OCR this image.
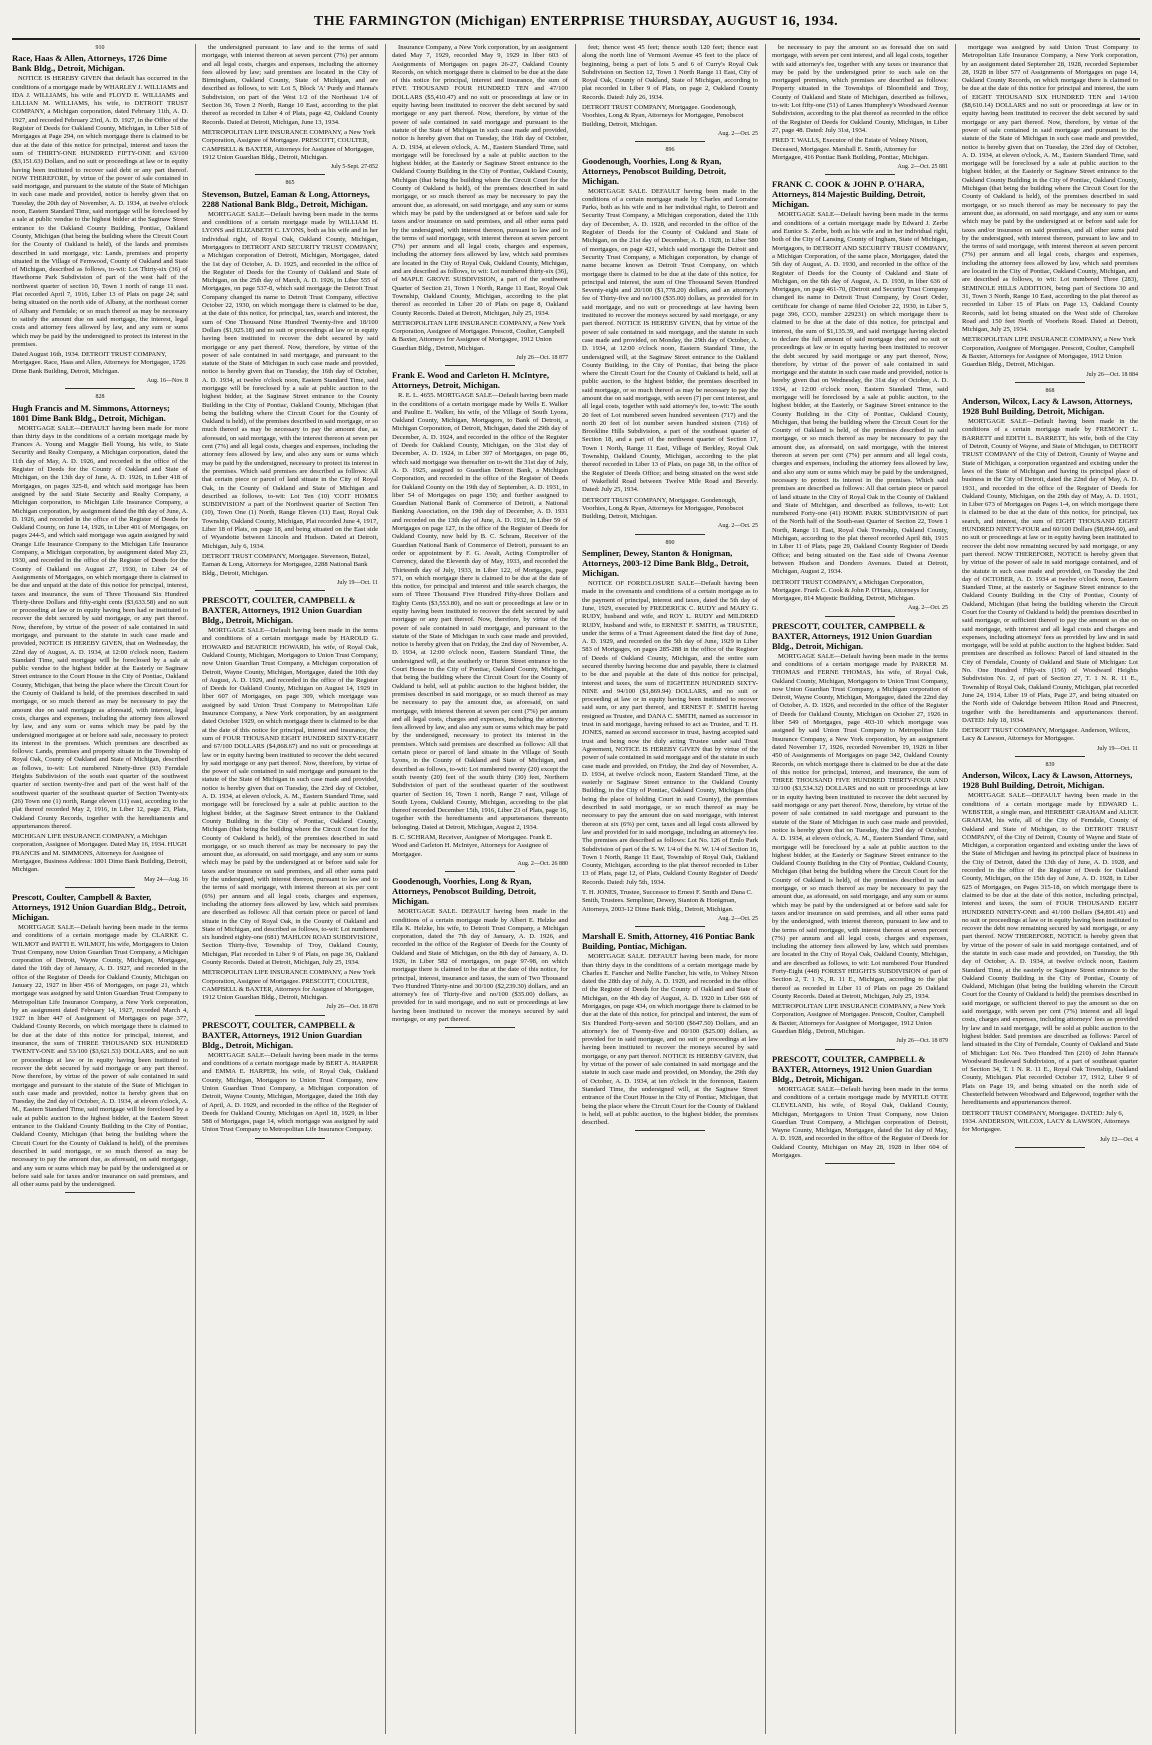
THE FARMINGTON (Michigan) ENTERPRISE THURSDAY, AUGUST 16, 1934.
910
Race, Haas & Allen, Attorneys, 1726 Dime Bank Bldg., Detroit, Michigan.
NOTICE IS HEREBY GIVEN that default has occurred in the conditions of a mortgage made by WHARLEY J. WILLIAMS and IDA J. WILLIAMS, his wife and FLOYD E. WILLIAMS and LILLIAN M. WILLIAMS, his wife, to DETROIT TRUST COMPANY, a Michigan corporation, dated February 11th, A. D. 1927, and recorded February 23rd, A. D. 1927, in the Office of the Register of Deeds for Oakland County, Michigan, in Liber 518 of Mortgages at Page 294, on which mortgage there is claimed to be due at the date of this notice for principal, interest and taxes the sum of THIRTY-ONE HUNDRED FIFTY-ONE and 63/100 ($3,151.63) Dollars, and no suit or proceedings at law or in equity having been instituted to recover said debt or any part thereof. NOW THEREFORE, by virtue of the power of sale contained in said mortgage, and pursuant to the statute of the State of Michigan in such case made and provided, notice is hereby given that on Tuesday, the 20th day of November, A. D. 1934, at twelve o'clock noon, Eastern Standard Time, said mortgage will be foreclosed by a sale at public vendue to the highest bidder at the Saginaw Street entrance to the Oakland County Building, Pontiac, Oakland County, Michigan (that being the building where the Circuit Court for the County of Oakland is held), of the lands and premises described in said mortgage, viz: Lands, premises and property situated in the Village of Fernwood, County of Oakland and State of Michigan, described as follows, to-wit: Lot Thirty-six (36) of Hawthorne Park Subdivision of part of the west half of the northwest quarter of section 10, Town 1 north of range 11 east. Plat recorded April 7, 1916, Liber 13 of Plats on page 24; said being situated on the north side of Albany, at the northeast corner of Albany and Ferndale; or so much thereof as may be necessary to satisfy the amount due on said mortgage, the interest, legal costs and attorney fees allowed by law, and any sum or sums which may be paid by the undersigned to protect its interest in the premises.
Dated August 16th, 1934. DETROIT TRUST COMPANY, Mortgagee. Race, Haas and Allen, Attorneys for Mortgagee, 1726 Dime Bank Building, Detroit, Michigan.
Aug. 16—Nov. 8
828
Hugh Francis and M. Simmons, Attorneys; 1801 Dime Bank Bldg., Detroit, Michigan.
MORTGAGE SALE—DEFAULT having been made for more than thirty days in the conditions of a certain mortgage made by Frances A. Young and Maggie Bell Young, his wife, to State Security and Realty Company, a Michigan corporation, dated the 11th day of May, A. D. 1926, and recorded in the office of the Register of Deeds for the County of Oakland and State of Michigan, on the 13th day of June, A. D. 1926, in Liber 418 of Mortgages, on pages 325-8, and which said mortgage has been assigned by the said State Security and Realty Company, a Michigan corporation, to Michigan Life Insurance Company, a Michigan corporation, by assignment dated the 8th day of June, A. D. 1926, and recorded in the office of the Register of Deeds for Oakland County, on June 14, 1926, in Liber 401 of Mortgages, on pages 244-5, and which said mortgage was again assigned by said Orange Life Insurance Company to the Michigan Life Insurance Company, a Michigan corporation, by assignment dated May 23, 1930, and recorded in the office of the Register of Deeds for the County of Oakland on August 27, 1930, in Liber 24 of Assignments of Mortgages, on which mortgage there is claimed to be due and unpaid at the date of this notice for principal, interest, taxes and insurance, the sum of Three Thousand Six Hundred Thirty-three Dollars and fifty-eight cents ($3,633.58) and no suit or proceeding at law or in equity having been had or instituted to recover the debt secured by said mortgage, or any part thereof. Now, therefore, by virtue of the power of sale contained in said mortgage, and pursuant to the statute in such case made and provided, NOTICE IS HEREBY GIVEN, that on Wednesday, the 22nd day of August, A. D. 1934, at 12:00 o'clock noon, Eastern Standard Time, said mortgage will be foreclosed by a sale at public vendue to the highest bidder at the Easterly or Saginaw Street entrance to the Court House in the City of Pontiac, Oakland County, Michigan, that being the place where the Circuit Court for the County of Oakland is held, of the premises described in said mortgage, or so much thereof as may be necessary to pay the amount due on said mortgage as aforesaid, with interest, legal costs, charges and expenses, including the attorney fees allowed by law, and any sum or sums which may be paid by the undersigned mortgagee at or before said sale, necessary to protect its interest in the premises. Which premises are described as follows: Lands, premises and property situate in the Township of Royal Oak, County of Oakland and State of Michigan, described as follows, to-wit: Lot numbered Ninety-three (93) Ferndale Heights Subdivision of the south east quarter of the southwest quarter of section twenty-five and part of the west half of the southwest quarter of the southeast quarter of Section Twenty-six (26) Town one (1) north, Range eleven (11) east, according to the plat thereof recorded May 2, 1916, in Liber 12, page 23, Plats, Oakland County Records, together with the hereditaments and appurtenances thereof.
MICHIGAN LIFE INSURANCE COMPANY, a Michigan corporation, Assignee of Mortgagee. Dated May 16, 1934. HUGH FRANCIS and M. SIMMONS, Attorneys for Assignee of Mortgagee, Business Address: 1801 Dime Bank Building, Detroit, Michigan.
May 24—Aug. 16
Prescott, Coulter, Campbell & Baxter, Attorneys, 1912 Union Guardian Bldg., Detroit, Michigan.
MORTGAGE SALE—Default having been made in the terms and conditions of a certain mortgage made by CLARKE C. WILMOT and PATTI E. WILMOT, his wife, Mortgagors to Union Trust Company, now Union Guardian Trust Company, a Michigan corporation of Detroit, Wayne County, Michigan, Mortgagee, dated the 16th day of January, A. D. 1927, and recorded in the office of the Register of Deeds for Oakland County, Michigan on January 22, 1927 in liber 456 of Mortgages, on page 21, which mortgage was assigned by said Union Guardian Trust Company to Metropolitan Life Insurance Company, a New York corporation, by an assignment dated February 14, 1927, recorded March 4, 1927 in liber 447 of Assignment of Mortgages on page 377, Oakland County Records, on which mortgage there is claimed to be due at the date of this notice for principal, interest, and insurance, the sum of THREE THOUSAND SIX HUNDRED TWENTY-ONE and 53/100 ($3,621.53) DOLLARS, and no suit or proceedings at law or in equity having been instituted to recover the debt secured by said mortgage or any part thereof. Now therefore, by virtue of the power of sale contained in said mortgage and pursuant to the statute of the State of Michigan in such case made and provided, notice is hereby given that on Tuesday, the 2nd day of October, A. D. 1934, at eleven o'clock, A. M., Eastern Standard Time, said mortgage will be foreclosed by a sale at public auction to the highest bidder, at the Eastern Street entrance to the Oakland County Building in the City of Pontiac, Oakland County, Michigan (that being the building where the Circuit Court for the County of Oakland is held), of the premises described in said mortgage, or so much thereof as may be necessary to pay the amount due, as aforesaid, on said mortgage, and any sum or sums which may be paid by the undersigned at or before said sale for taxes and/or insurance on said premises, and all other sums paid by the undersigned.
the undersigned pursuant to law and to the terms of said mortgage, with interest thereon at seven percent (7%) per annum and all legal costs, charges and expenses, including the attorney fees allowed by law; said premises are located in the City of Birmingham, Oakland County, State of Michigan, and are described as follows, to wit: Lot 5, Block 'A' Purdy and Hanna's Subdivision, on part of the West 1/2 of the Northeast 1/4 of Section 36, Town 2 North, Range 10 East, according to the plat thereof as recorded in Liber 4 of Plats, page 42, Oakland County Records. Dated at Detroit, Michigan, June 13, 1934.
METROPOLITAN LIFE INSURANCE COMPANY, a New York Corporation, Assignee of Mortgagee. PRESCOTT, COULTER, CAMPBELL & BAXTER, Attorneys for Assignee of Mortgagee, 1912 Union Guardian Bldg., Detroit, Michigan.
July 5-Sept. 27-852
865
Stevenson, Butzel, Eaman & Long, Attorneys, 2288 National Bank Bldg., Detroit, Michigan.
MORTGAGE SALE—Default having been made in the terms and conditions of a certain mortgage made by WILLIAM H. LYONS and ELIZABETH C. LYONS, both as his wife and in her individual right, of Royal Oak, Oakland County, Michigan, Mortgagors to DETROIT AND SECURITY TRUST COMPANY, a Michigan corporation of Detroit, Michigan, Mortgagee, dated the 1st day of October, A. D. 1925, and recorded in the office of the Register of Deeds for the County of Oakland and State of Michigan, on the 25th day of March, A. D. 1926, in Liber 555 of Mortgages, on page 537-8, which said mortgage the Detroit Trust Company changed its name to Detroit Trust Company, effective October 22, 1930, on which mortgage there is claimed to be due, at the date of this notice, for principal, tax, search and interest, the sum of One Thousand Nine Hundred Twenty-five and 18/100 Dollars ($1,925.18) and no suit or proceedings at law or in equity having been instituted to recover the debt secured by said mortgage or any part thereof. Now, therefore, by virtue of the power of sale contained in said mortgage, and pursuant to the statute of the State of Michigan in such case made and provided, notice is hereby given that on Tuesday, the 16th day of October, A. D. 1934, at twelve o'clock noon, Eastern Standard Time, said mortgage will be foreclosed by a sale at public auction to the highest bidder, at the Saginaw Street entrance to the County Building in the City of Pontiac, Oakland County, Michigan (that being the building where the Circuit Court for the County of Oakland is held), of the premises described in said mortgage, or so much thereof as may be necessary to pay the amount due, as aforesaid, on said mortgage, with the interest thereon at seven per cent (7%) and all legal costs, charges and expenses, including the attorney fees allowed by law, and also any sum or sums which may be paid by the undersigned, necessary to protect its interest in the premises. Which said premises are described as follows: All that certain piece or parcel of land situate in the City of Royal Oak, in the County of Oakland and State of Michigan and described as follows, to-wit: Lot Ten (10) 'COIT HOMES SUBDIVISION' a part of the Northwest quarter of Section Ten (10), Town One (1) North, Range Eleven (11) East, Royal Oak Township, Oakland County, Michigan, Plat recorded June 4, 1917, Liber 18 of Plats, on page 18, and being situated on the East side of Wyandotte between Lincoln and Hudson. Dated at Detroit, Michigan, July 6, 1934.
DETROIT TRUST COMPANY, Mortgagee. Stevenson, Butzel, Eaman & Long, Attorneys for Mortgagee, 2288 National Bank Bldg., Detroit, Michigan.
July 19—Oct. 11
PRESCOTT, COULTER, CAMPBELL & BAXTER, Attorneys, 1912 Union Guardian Bldg., Detroit, Michigan.
MORTGAGE SALE—Default having been made in the terms and conditions of a certain mortgage made by HAROLD G. HOWARD and BEATRICE HOWARD, his wife, of Royal Oak, Oakland County, Michigan, Mortgagors to Union Trust Company, now Union Guardian Trust Company, a Michigan corporation of Detroit, Wayne County, Michigan, Mortgagee, dated the 10th day of August, A. D. 1929, and recorded in the office of the Register of Deeds for Oakland County, Michigan on August 14, 1929 in liber 607 of Mortgages, on page 309, which mortgage was assigned by said Union Trust Company to Metropolitan Life Insurance Company, a New York corporation, by an assignment dated October 1929, on which mortgage there is claimed to be due at the date of this notice for principal, interest and insurance, the sum of FOUR THOUSAND EIGHT HUNDRED SIXTY-EIGHT and 67/100 DOLLARS ($4,868.67) and no suit or proceedings at law or in equity having been instituted to recover the debt secured by said mortgage or any part thereof. Now, therefore, by virtue of the power of sale contained in said mortgage and pursuant to the statute of the State of Michigan in such case made and provided, notice is hereby given that on Tuesday, the 23rd day of October, A. D. 1934, at eleven o'clock, A. M., Eastern Standard Time, said mortgage will be foreclosed by a sale at public auction to the highest bidder, at the Saginaw Street entrance to the Oakland County Building in the City of Pontiac, Oakland County, Michigan (that being the building where the Circuit Court for the County of Oakland is held), of the premises described in said mortgage, or so much thereof as may be necessary to pay the amount due, as aforesaid, on said mortgage, and any sum or sums which may be paid by the undersigned at or before said sale for taxes and/or insurance on said premises, and all other sums paid by the undersigned, with interest thereon, pursuant to law and to the terms of said mortgage, with interest thereon at six per cent (6%) per annum and all legal costs, charges and expenses, including the attorney fees allowed by law, which said premises are described as follows: All that certain piece or parcel of land situate in the City of Royal Oak, in the County of Oakland and State of Michigan, and described as follows, to-wit: Lot numbered six hundred eighty-one (681) 'MAHLON ROAD SUBDIVISION', Section Thirty-five, Township of Troy, Oakland County, Michigan, Plat recorded in Liber 9 of Plats, on page 36, Oakland County Records. Dated at Detroit, Michigan, July 25, 1934.
METROPOLITAN LIFE INSURANCE COMPANY, a New York Corporation, Assignee of Mortgagee. PRESCOTT, COULTER, CAMPBELL & BAXTER, Attorneys for Assignee of Mortgagee, 1912 Union Guardian Bldg., Detroit, Michigan.
July 26—Oct. 18 878
PRESCOTT, COULTER, CAMPBELL & BAXTER, Attorneys, 1912 Union Guardian Bldg., Detroit, Michigan.
MORTGAGE SALE—Default having been made in the terms and conditions of a certain mortgage made by BERT A. HARPER and EMMA E. HARPER, his wife, of Royal Oak, Oakland County, Michigan, Mortgagors to Union Trust Company, now Union Guardian Trust Company, a Michigan corporation of Detroit, Wayne County, Michigan, Mortgagee, dated the 16th day of April, A. D. 1929, and recorded in the office of the Register of Deeds for Oakland County, Michigan on April 18, 1929, in liber 588 of Mortgages, page 14, which mortgage was assigned by said Union Trust Company to Metropolitan Life Insurance Company.
Insurance Company, a New York corporation, by an assignment dated May 7, 1929, recorded May 9, 1929 in liber 603 of Assignments of Mortgages on pages 26-27, Oakland County Records, on which mortgage there is claimed to be due at the date of this notice for principal, interest and insurance, the sum of FIVE THOUSAND FOUR HUNDRED TEN and 47/100 DOLLARS ($5,410.47) and no suit or proceedings at law or in equity having been instituted to recover the debt secured by said mortgage or any part thereof. Now, therefore, by virtue of the power of sale contained in said mortgage and pursuant to the statute of the State of Michigan in such case made and provided, notice is hereby given that on Tuesday, the 16th day of October, A. D. 1934, at eleven o'clock, A. M., Eastern Standard Time, said mortgage will be foreclosed by a sale at public auction to the highest bidder, at the Easterly or Saginaw Street entrance to the Oakland County Building in the City of Pontiac, Oakland County, Michigan (that being the building where the Circuit Court for the County of Oakland is held), of the premises described in said mortgage, or so much thereof as may be necessary to pay the amount due, as aforesaid, on said mortgage, and any sum or sums which may be paid by the undersigned at or before said sale for taxes and/or insurance on said premises, and all other sums paid by the undersigned, with interest thereon, pursuant to law and to the terms of said mortgage, with interest thereon at seven percent (7%) per annum and all legal costs, charges and expenses, including the attorney fees allowed by law, which said premises are located in the City of Royal Oak, Oakland County, Michigan, and are described as follows, to wit: Lot numbered thirty-six (36), of MAPLE GROVE SUBDIVISION, a part of the southwest Quarter of Section 21, Town 1 North, Range 11 East, Royal Oak Township, Oakland County, Michigan, according to the plat thereof as recorded in Liber 20 of Plats on page 8, Oakland County Records. Dated at Detroit, Michigan, July 25, 1934.
METROPOLITAN LIFE INSURANCE COMPANY, a New York Corporation, Assignee of Mortgagee. Prescott, Coulter, Campbell & Baxter, Attorneys for Assignee of Mortgagee, 1912 Union Guardian Bldg., Detroit, Michigan.
July 26—Oct. 18 877
Frank E. Wood and Carleton H. McIntyre, Attorneys, Detroit, Michigan.
R. E. L. 4655. MORTGAGE SALE—Default having been made in the conditions of a certain mortgage made by Wells E. Walker and Pauline E. Walker, his wife, of the Village of South Lyons, Oakland County, Michigan, Mortgagors, to Bank of Detroit, a Michigan Corporation, of Detroit, Michigan, dated the 29th day of December, A. D. 1924, and recorded in the office of the Register of Deeds for Oakland County, Michigan, on the 31st day of December, A. D. 1924, in Liber 397 of Mortgages, on page 86, which said mortgage was thereafter on to-wit the 31st day of July, A. D. 1925, assigned to Guardian Detroit Bank, a Michigan Corporation, and recorded in the office of the Register of Deeds for Oakland County on the 19th day of September, A. D. 1931, in liber 54 of Mortgages on page 150; and further assigned to Guardian National Bank of Commerce of Detroit, a National Banking Association, on the 19th day of December, A. D. 1931 and recorded on the 13th day of June, A. D. 1932, in Liber 59 of Mortgages on page 127, in the office of the Register of Deeds for Oakland County, now held by B. C. Schram, Receiver of the Guardian National Bank of Commerce of Detroit, pursuant to an order or appointment by F. G. Awalt, Acting Comptroller of Currency, dated the Eleventh day of May, 1933, and recorded the Thirteenth day of July, 1933, in Liber 122, of Mortgages, page 571, on which mortgage there is claimed to be due at the date of this notice, for principal and interest and title search charges, the sum of Three Thousand Five Hundred Fifty-three Dollars and Eighty Cents ($3,553.80), and no suit or proceedings at law or in equity having been instituted to recover the debt secured by said mortgage or any part thereof. Now, therefore, by virtue of the power of sale contained in said mortgage, and pursuant to the statute of the State of Michigan in such case made and provided, notice is hereby given that on Friday, the 2nd day of November, A. D. 1934, at 12:00 o'clock noon, Eastern Standard Time, the undersigned will, at the southerly or Huron Street entrance to the Court House in the City of Pontiac, Oakland County, Michigan, that being the building where the Circuit Court for the County of Oakland is held, sell at public auction to the highest bidder, the premises described in said mortgage, or so much thereof as may be necessary to pay the amount due, as aforesaid, on said mortgage, with interest thereon at seven per cent (7%) per annum and all legal costs, charges and expenses, including the attorney fees allowed by law, and also any sum or sums which may be paid by the undersigned, necessary to protect its interest in the premises. Which said premises are described as follows: All that certain piece or parcel of land situate in the Village of South Lyons, in the County of Oakland and State of Michigan, and described as follows, to-wit: Lot numbered twenty (20) except the south twenty (20) feet of the south thirty (30) feet, Northern Subdivision of part of the southeast quarter of the southwest quarter of Section 16, Town 1 north, Range 7 east, Village of South Lyons, Oakland County, Michigan, according to the plat thereof recorded December 15th, 1916, Liber 23 of Plats, page 16, together with the hereditaments and appurtenances thereunto belonging. Dated at Detroit, Michigan, August 2, 1934.
B. C. SCHRAM, Receiver, Assignee of Mortgagee. Frank E. Wood and Carleton H. McIntyre, Attorneys for Assignee of Mortgagee.
Aug. 2—Oct. 26 880
Goodenough, Voorhies, Long & Ryan, Attorneys, Penobscot Building, Detroit, Michigan.
MORTGAGE SALE. DEFAULT having been made in the conditions of a certain mortgage made by Albert E. Helzke and Ella K. Helzke, his wife, to Detroit Trust Company, a Michigan corporation, dated the 7th day of January, A. D. 1926, and recorded in the office of the Register of Deeds for the County of Oakland and State of Michigan, on the 8th day of January, A. D. 1926, in Liber 582 of mortgages, on page 97-98, on which mortgage there is claimed to be due at the date of this notice, for principal, interest, insurance and taxes, the sum of Two Thousand Two Hundred Thirty-nine and 30/100 ($2,239.30) dollars, and an attorney's fee of Thirty-five and no/100 ($35.00) dollars, as provided for in said mortgage, and no suit or proceedings at law having been instituted to recover the moneys secured by said mortgage, or any part thereof.
feet; thence west 45 feet; thence south 120 feet; thence east along the north line of Vermont Avenue 45 feet to the place of beginning, being a part of lots 5 and 6 of Curry's Royal Oak Subdivision on Section 12, Town 1 North Range 11 East, City of Royal Oak, County of Oakland, State of Michigan, according to plat recorded in Liber 9 of Plats, on page 2, Oakland County Records. Dated: July 26, 1934.
DETROIT TRUST COMPANY, Mortgagee. Goodenough, Voorhies, Long & Ryan, Attorneys for Mortgagee, Penobscot Building, Detroit, Michigan.
Aug. 2—Oct. 25
896
Goodenough, Voorhies, Long & Ryan, Attorneys, Penobscot Building, Detroit, Michigan.
MORTGAGE SALE. DEFAULT having been made in the conditions of a certain mortgage made by Charles and Lorraine Parks, both as his wife and in her individual right, to Detroit and Security Trust Company, a Michigan corporation, dated the 11th day of December, A. D. 1928, and recorded in the office of the Register of Deeds for the County of Oakland and State of Michigan, on the 21st day of December, A. D. 1928, in Liber 580 of mortgages, on page 421, which said mortgage the Detroit and Security Trust Company, a Michigan corporation, by change of name became known as Detroit Trust Company, on which mortgage there is claimed to be due at the date of this notice, for principal and interest, the sum of One Thousand Seven Hundred Seventy-eight and 20/100 ($1,778.20) dollars, and an attorney's fee of Thirty-five and no/100 ($35.00) dollars, as provided for in said mortgage, and no suit or proceedings at law having been instituted to recover the moneys secured by said mortgage, or any part thereof. NOTICE IS HEREBY GIVEN, that by virtue of the power of sale contained in said mortgage, and the statute in such case made and provided, on Monday, the 29th day of October, A. D. 1934, at 12:00 o'clock noon, Eastern Standard Time, the undersigned will, at the Saginaw Street entrance to the Oakland County Building, in the City of Pontiac, that being the place where the Circuit Court for the County of Oakland is held, sell at public auction, to the highest bidder, the premises described in said mortgage, or so much thereof as may be necessary to pay the amount due on said mortgage, with seven (7) per cent interest, and all legal costs, together with said attorney's fee, to-wit: The south 20 feet of Lot numbered seven hundred seventeen (717) and the north 20 feet of lot number seven hundred sixteen (716) of Brookline Hills Subdivision, a part of the southeast quarter of Section 18, and a part of the northwest quarter of Section 17, Town 1 North, Range 11 East, Village of Berkley, Royal Oak Township, Oakland County, Michigan, according to the plat thereof recorded in Liber 13 of Plats, on page 38, in the office of the Register of Deeds Office; and being situated on the west side of Wakefield Road between Twelve Mile Road and Beverly. Dated: July 25, 1934.
DETROIT TRUST COMPANY, Mortgagee. Goodenough, Voorhies, Long & Ryan, Attorneys for Mortgagee, Penobscot Building, Detroit, Michigan.
Aug. 2—Oct. 25
890
Sempliner, Dewey, Stanton & Honigman, Attorneys, 2003-12 Dime Bank Bldg., Detroit, Michigan.
NOTICE OF FORECLOSURE SALE—Default having been made in the covenants and conditions of a certain mortgage as to the payment of principal, interest and taxes, dated the 5th day of June, 1929, executed by FREDERICK C. RUDY and MARY G. RUDY, husband and wife, and ROY L. RUDY and MILDRED RUDY, husband and wife, to ERNEST F. SMITH, as TRUSTEE, under the terms of a Trust Agreement dated the first day of June, A. D. 1929, and recorded on the 5th day of June, 1929 in Liber 583 of Mortgages, on pages 285-288 in the office of the Register of Deeds of Oakland County, Michigan, and the entire sum secured thereby having become due and payable, there is claimed to be due and payable at the date of this notice for principal, interest and taxes, the sum of EIGHTEEN HUNDRED SIXTY-NINE and 94/100 ($1,869.94) DOLLARS, and no suit or proceeding at law or in equity having been instituted to recover said sum, or any part thereof, and ERNEST F. SMITH having resigned as Trustee, and DANA C. SMITH, named as successor in trust in said mortgage, having refused to act as Trustee, and T. H. JONES, named as second successor in trust, having accepted said trust and being now the duly acting Trustee under said Trust Agreement, NOTICE IS HEREBY GIVEN that by virtue of the power of sale contained in said mortgage and of the statute in such case made and provided, on Friday, the 2nd day of November, A. D. 1934, at twelve o'clock noon, Eastern Standard Time, at the easterly or Saginaw Street entrance to the Oakland County Building, in the City of Pontiac, Oakland County, Michigan (that being the place of holding Court in said County), the premises described in said mortgage, or so much thereof as may be necessary to pay the amount due on said mortgage, with interest thereon at six (6%) per cent, taxes and all legal costs allowed by law and provided for in said mortgage, including an attorney's fee. The premises are described as follows: Lot No. 126 of Emlo Park Subdivision of part of the S. W. 1/4 of the N. W. 1/4 of Section 16, Town 1 North, Range 11 East, Township of Royal Oak, Oakland County, Michigan, according to the plat thereof recorded in Liber 13 of Plats, page 12, of Plats, Oakland County Register of Deeds' Records. Dated: July 5th, 1934.
T. H. JONES, Trustee, Successor to Ernest F. Smith and Dana C. Smith, Trustees. Sempliner, Dewey, Stanton & Honigman, Attorneys, 2003-12 Dime Bank Bldg., Detroit, Michigan.
Aug. 2—Oct. 25
Marshall E. Smith, Attorney, 416 Pontiac Bank Building, Pontiac, Michigan.
MORTGAGE SALE. DEFAULT having been made, for more than thirty days in the conditions of a certain mortgage made by Charles E. Fancher and Nellie Fancher, his wife, to Volney Nixon dated the 28th day of July, A. D. 1920, and recorded in the office of the Register of Deeds for the County of Oakland and State of Michigan, on the 4th day of August, A. D. 1920 in Liber 666 of Mortgages, on page 434, on which mortgage there is claimed to be due at the date of this notice, for principal and interest, the sum of Six Hundred Forty-seven and 50/100 ($647.50) Dollars, and an attorney's fee of Twenty-five and 00/100 ($25.00) dollars, as provided for in said mortgage, and no suit or proceedings at law having been instituted to recover the moneys secured by said mortgage, or any part thereof. NOTICE IS HEREBY GIVEN, that by virtue of the power of sale contained in said mortgage and the statute in such case made and provided, on Monday, the 29th day of October, A. D. 1934, at ten o'clock in the forenoon, Eastern Standard Time, the undersigned will, at the Saginaw Street entrance of the Court House in the City of Pontiac, Michigan, that being the place where the Circuit Court for the County of Oakland is held, sell at public auction, to the highest bidder, the premises described.
be necessary to pay the amount so as foresaid due on said mortgage, with seven per cent interest, and all legal costs, together with said attorney's fee, together with any taxes or insurance that may be paid by the undersigned prior to such sale on the mortgaged premises, which premises are described as follows: Property situated in the Townships of Bloomfield and Troy, County of Oakland and State of Michigan, described as follows, to-wit: Lot fifty-one (51) of Lanes Humphrey's Woodward Avenue Subdivision, according to the plat thereof as recorded in the office of the Register of Deeds for Oakland County, Michigan, in Liber 27, page 48. Dated: July 31st, 1934.
FRED T. WALLS, Executor of the Estate of Volney Nixon, Deceased, Mortgagee. Marshall E. Smith, Attorney for Mortgagee, 416 Pontiac Bank Building, Pontiac, Michigan.
Aug. 2—Oct. 25 881
FRANK C. COOK & JOHN P. O'HARA, Attorneys, 814 Majestic Building, Detroit, Michigan.
MORTGAGE SALE—Default having been made in the terms and conditions of a certain mortgage made by Edward J. Zerbe and Eunice S. Zerbe, both as his wife and in her individual right, both of the City of Lansing, County of Ingham, State of Michigan, Mortgagors, to DETROIT AND SECURITY TRUST COMPANY, a Michigan Corporation, of the same place, Mortgagee, dated the 5th day of August, A. D. 1930, and recorded in the office of the Register of Deeds for the County of Oakland and State of Michigan, on the 6th day of August, A. D. 1930, in liber 636 of Mortgages, on page 461-70, (Detroit and Security Trust Company changed its name to Detroit Trust Company, by Court Order, certificate for change of name filed October 22, 1930, in Liber 5, page 396, CCO, number 229231) on which mortgage there is claimed to be due at the date of this notice, for principal and interest, the sum of $1,135.39, and said mortgage having elected to declare the full amount of said mortgage due; and no suit or proceedings at law or in equity having been instituted to recover the debt secured by said mortgage or any part thereof, Now, therefore, by virtue of the power of sale contained in said mortgage and the statute in such case made and provided, notice is hereby given that on Wednesday, the 31st day of October, A. D. 1934, at 12:00 o'clock noon, Eastern Standard Time, said mortgage will be foreclosed by a sale at public auction, to the highest bidder, at the Easterly, or Saginaw Street entrance to the County Building in the City of Pontiac, Oakland County, Michigan, that being the building where the Circuit Court for the County of Oakland is held, of the premises described in said mortgage, or so much thereof as may be necessary to pay the amount due, as aforesaid, on said mortgage, with the interest thereon at seven per cent (7%) per annum and all legal costs, charges and expenses, including the attorney fees allowed by law, and also any sum or sums which may be paid by the undersigned, necessary to protect its interest in the premises. Which said premises are described as follows: All that certain piece or parcel of land situate in the City of Royal Oak in the County of Oakland and State of Michigan, and described as follows, to-wit: Lot numbered Forty-one (41) HOME PARK SUBDIVISION of part of the North half of the South-east Quarter of Section 22, Town 1 North, Range 11 East, Royal Oak Township, Oakland County, Michigan, according to the plat thereof recorded April 8th, 1915 in Liber 11 of Plats, page 29, Oakland County Register of Deeds Office; and being situated on the East side of Owana Avenue between Hudson and Dondero Avenues. Dated at Detroit, Michigan, August 2, 1934.
DETROIT TRUST COMPANY, a Michigan Corporation, Mortgagee. Frank C. Cook & John P. O'Hara, Attorneys for Mortgagee, 814 Majestic Building, Detroit, Michigan.
Aug. 2—Oct. 25
PRESCOTT, COULTER, CAMPBELL & BAXTER, Attorneys, 1912 Union Guardian Bldg., Detroit, Michigan.
MORTGAGE SALE—Default having been made in the terms and conditions of a certain mortgage made by PARKER M. THOMAS and FERNE THOMAS, his wife, of Royal Oak, Oakland County, Michigan, Mortgagors to Union Trust Company, now Union Guardian Trust Company, a Michigan corporation of Detroit, Wayne County, Michigan, Mortgagee, dated the 22nd day of October, A. D. 1926, and recorded in the office of the Register of Deeds for Oakland County, Michigan on October 27, 1926 in liber 549 of Mortgages, page 403-10 which mortgage was assigned by said Union Trust Company to Metropolitan Life Insurance Company, a New York corporation, by an assignment dated November 17, 1926, recorded November 19, 1926 in liber 450 of Assignments of Mortgages on page 342, Oakland County Records, on which mortgage there is claimed to be due at the date of this notice for principal, interest, and insurance, the sum of THREE THOUSAND FIVE HUNDRED THIRTY-FOUR AND 32/100 ($3,534.32) DOLLARS and no suit or proceedings at law or in equity having been instituted to recover the debt secured by said mortgage or any part thereof. Now, therefore, by virtue of the power of sale contained in said mortgage and pursuant to the statute of the State of Michigan in such case made and provided, notice is hereby given that on Tuesday, the 23rd day of October, A. D. 1934, at eleven o'clock, A. M., Eastern Standard Time, said mortgage will be foreclosed by a sale at public auction to the highest bidder, at the Easterly or Saginaw Street entrance to the Oakland County Building in the City of Pontiac, Oakland County, Michigan (that being the building where the Circuit Court for the County of Oakland is held), of the premises described in said mortgage, or so much thereof as may be necessary to pay the amount due, as aforesaid, on said mortgage, and any sum or sums which may be paid by the undersigned at or before said sale for taxes and/or insurance on said premises, and all other sums paid by the undersigned, with interest thereon, pursuant to law and to the terms of said mortgage, with interest thereon at seven percent (7%) per annum and all legal costs, charges and expenses, including the attorney fees allowed by law, which said premises are located in the City of Royal Oak, Oakland County, Michigan, and are described as follows, to wit: Lot numbered Four Hundred Forty-Eight (448) FOREST HEIGHTS SUBDIVISION of part of Section 2, T. 1 N., R. 11 E., Michigan, according to the plat thereof as recorded in Liber 11 of Plats on page 26 Oakland County Records. Dated at Detroit, Michigan, July 25, 1934.
METROPOLITAN LIFE INSURANCE COMPANY, a New York Corporation, Assignee of Mortgagee. Prescott, Coulter, Campbell & Baxter, Attorneys for Assignee of Mortgagee, 1912 Union Guardian Bldg., Detroit, Michigan.
July 26—Oct. 18 879
PRESCOTT, COULTER, CAMPBELL & BAXTER, Attorneys, 1912 Union Guardian Bldg., Detroit, Michigan.
MORTGAGE SALE—Default having been made in the terms and conditions of a certain mortgage made by MYRTLE OTTE CLEVELAND, his wife, of Royal Oak, Oakland County, Michigan, Mortgagors to Union Trust Company, now Union Guardian Trust Company, a Michigan corporation of Detroit, Wayne County, Michigan, Mortgagee, dated the 1st day of May, A. D. 1928, and recorded in the office of the Register of Deeds for Oakland County, Michigan on May 28, 1928 in liber 604 of Mortgages.
mortgage was assigned by said Union Trust Company to Metropolitan Life Insurance Company, a New York corporation, by an assignment dated September 28, 1928, recorded September 28, 1928 in liber 577 of Assignments of Mortgages on page 14, Oakland County Records, on which mortgage there is claimed to be due at the date of this notice for principal and interest, the sum of EIGHT THOUSAND SIX HUNDRED TEN and 14/100 ($8,610.14) DOLLARS and no suit or proceedings at law or in equity having been instituted to recover the debt secured by said mortgage or any part thereof. Now, therefore, by virtue of the power of sale contained in said mortgage and pursuant to the statute of the State of Michigan in such case made and provided, notice is hereby given that on Tuesday, the 23rd day of October, A. D. 1934, at eleven o'clock, A. M., Eastern Standard Time, said mortgage will be foreclosed by a sale at public auction to the highest bidder, at the Easterly or Saginaw Street entrance to the Oakland County Building in the City of Pontiac, Oakland County, Michigan (that being the building where the Circuit Court for the County of Oakland is held), of the premises described in said mortgage, or so much thereof as may be necessary to pay the amount due, as aforesaid, on said mortgage, and any sum or sums which may be paid by the undersigned at or before said sale for taxes and/or insurance on said premises, and all other sums paid by the undersigned, with interest thereon, pursuant to law and to the terms of said mortgage, with interest thereon at seven percent (7%) per annum and all legal costs, charges and expenses, including the attorney fees allowed by law, which said premises are located in the City of Pontiac, Oakland County, Michigan, and are described as follows, to wit: Lot numbered Three (283), SEMINOLE HILLS ADDITION, being part of Sections 30 and 31, Town 3 North, Range 10 East, according to the plat thereof as recorded in Liber 15 of Plats on Page 13, Oakland County Records, said lot being situated on the West side of Cherokee Road and 150 feet North of Voorheis Road. Dated at Detroit, Michigan, July 25, 1934.
METROPOLITAN LIFE INSURANCE COMPANY, a New York Corporation, Assignee of Mortgagee. Prescott, Coulter, Campbell & Baxter, Attorneys for Assignee of Mortgagee, 1912 Union Guardian Bldg., Detroit, Michigan.
July 26—Oct. 18 884
868
Anderson, Wilcox, Lacy & Lawson, Attorneys, 1928 Buhl Building, Detroit, Michigan.
MORTGAGE SALE—Default having been made in the conditions of a certain mortgage made by FREMONT L. BARRETT and EDITH L. BARRETT, his wife, both of the City of Detroit, County of Wayne, and State of Michigan, to DETROIT TRUST COMPANY of the City of Detroit, County of Wayne and State of Michigan, a corporation organized and existing under the laws of the State of Michigan and having its principal place of business in the City of Detroit, dated the 22nd day of May, A. D. 1931, and recorded in the office of the Register of Deeds for Oakland County, Michigan, on the 29th day of May, A. D. 1931, in Liber 673 of Mortgages on Pages 1-4, on which mortgage there is claimed to be due at the date of this notice, for principal, tax search, and interest, the sum of EIGHT THOUSAND EIGHT HUNDRED NINETY-FOUR and 60/100 Dollars ($8,894.60), and no suit or proceedings at law or in equity having been instituted to recover the debt now remaining secured by said mortgage, or any part thereof. NOW THEREFORE, NOTICE is hereby given that by virtue of the power of sale in said mortgage contained, and of the statute in such case made and provided, on Tuesday the 2nd day of OCTOBER, A. D. 1934 at twelve o'clock noon, Eastern Standard Time, at the easterly or Saginaw Street entrance to the Oakland County Building in the City of Pontiac, County of Oakland, Michigan (that being the building wherein the Circuit Court for the County of Oakland is held) the premises described in said mortgage, or sufficient thereof to pay the amount so due on said mortgage, with interest and all legal costs and charges and expenses, including attorneys' fees as provided by law and in said mortgage, will be sold at public auction to the highest bidder. Said premises are described as follows: Parcel of land situated in the City of Ferndale, County of Oakland and State of Michigan: Lot No. One Hundred Fifty-six (156) of Woodward Heights Subdivision No. 2, of part of Section 27, T. 1 N. R. 11 E., Township of Royal Oak, Oakland County, Michigan, plat recorded June 24, 1914, Liber 19 of Plats, Page 27, and being situated on the North side of Oakridge between Hilton Road and Pinecrest, together with the hereditaments and appurtenances thereof. DATED: July 18, 1934.
DETROIT TRUST COMPANY, Mortgagee. Anderson, Wilcox, Lacy & Lawson, Attorneys for Mortgagee.
July 19—Oct. 11
839
Anderson, Wilcox, Lacy & Lawson, Attorneys, 1928 Buhl Building, Detroit, Michigan.
MORTGAGE SALE—DEFAULT having been made in the conditions of a certain mortgage made by EDWARD L. WEBSTER, a single man, and HERBERT GRAHAM and ALICE GRAHAM, his wife, all of the City of Ferndale, County of Oakland and State of Michigan, to the DETROIT TRUST COMPANY, of the City of Detroit, County of Wayne and State of Michigan, a corporation organized and existing under the laws of the State of Michigan and having its principal place of business in the City of Detroit, dated the 13th day of June, A. D. 1928, and recorded in the office of the Register of Deeds for Oakland County, Michigan, on the 15th day of June, A. D. 1928, in Liber 625 of Mortgages, on Pages 315-18, on which mortgage there is claimed to be due at the date of this notice, including principal, interest and taxes, the sum of FOUR THOUSAND EIGHT HUNDRED NINETY-ONE and 41/100 Dollars ($4,891.41) and no suit or proceedings at law or in equity having been instituted to recover the debt now remaining secured by said mortgage, or any part thereof. NOW THEREFORE, NOTICE is hereby given that by virtue of the power of sale in said mortgage contained, and of the statute in such case made and provided, on Tuesday, the 9th day of October, A. D. 1934, at twelve o'clock noon, Eastern Standard Time, at the easterly or Saginaw Street entrance to the Oakland County Building in the City of Pontiac, County of Oakland, Michigan (that being the building wherein the Circuit Court for the County of Oakland is held) the premises described in said mortgage, or sufficient thereof to pay the amount so due on said mortgage, with seven per cent (7%) interest and all legal costs, charges and expenses, including attorneys' fees as provided by law and in said mortgage, will be sold at public auction to the highest bidder. Said premises are described as follows: Parcel of land situated in the City of Ferndale, County of Oakland and State of Michigan: Lot No. Two Hundred Ten (210) of John Hanna's Woodward Boulevard Subdivision, of a part of southeast quarter of Section 34, T. 1 N. R. 11 E., Royal Oak Township, Oakland County, Michigan. Plat recorded October 17, 1912, Liber 9 of Plats on Page 19, and being situated on the north side of Chesterfield between Woodward and Edgewood, together with the hereditaments and appurtenances thereof.
DETROIT TRUST COMPANY, Mortgagee. DATED: July 6, 1934. ANDERSON, WILCOX, LACY & LAWSON, Attorneys for Mortgagee.
July 12—Oct. 4
